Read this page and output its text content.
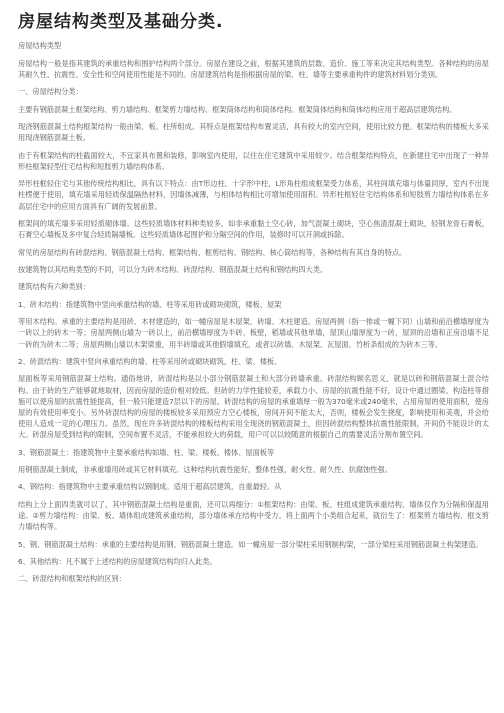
房屋结构类型及基础分类.

房屋结构类型

房屋结构一般是指其建筑的承重结构和围护结构两个部分。房屋在建设之前，根据其建筑的层数、造价、施工等来决定其结构类型。各种结构的房屋其耐久性、抗震性、安全性和空间使用性能是不同的。房屋建筑结构是指根据房屋的梁、柱、墙等主要承重构件的建筑材料划分类别。

一、房屋结构分类：

主要有钢筋混凝土框架结构、剪力墙结构、框架剪力墙结构、框架筒体结构和筒体结构。框架筒体结构和筒体结构应用于超高层建筑结构。

现浇钢筋混凝土结构框架结构一般由梁、板、柱所组成。其特点是框架结构布置灵活，具有较大的室内空间，使用比较方便。框架结构的楼板大多采用现浇钢筋混凝土板。

由于有框架结构的柱截面较大，不宜家具布置和装修，影响室内使用，以往在住宅建筑中采用较少。结合框架结构特点，在新建住宅中出现了一种异形柱框架轻型住宅结构和短肢剪力墙结构体系。

异形柱框轻住宅与其他传统结构相比，具有以下特点：由T形边柱、十字形中柱、L形角柱组成框架受力体系，其柱间填充墙与体量同厚，室内不出现柱楞便于使用，填充墙采用轻质保温隔热材料，因墙体减薄，与相体结构相比可增加使用面积。异形柱框轻住宅结构体系和短肢剪力墙结构体系在多高层住宅中的应用方面具有广阔的发展前景。

框架间的填充墙多采用轻质砌体墙。这些轻质墙体材料种类较多，如非承重黏土空心砖，加气混凝土砌块，空心焦渣混凝土砌块，轻钢龙骨石膏板，石膏空心墙板及多中复合轻质隔墙板。这些轻质墙体起围护和分隔空间的作用，装修时可以开洞或拆除。

常见的房屋结构有砖混结构、钢筋混凝土结构、框架结构、框剪结构、钢结构、核心筒结构等，各种结构有其自身的特点。

按建筑物以其结构类型的不同，可以分为砖木结构、砖混结构、钢筋混凝土结构和钢结构四大类。

建筑结构有六种类别：

1、砖木结构：指建筑物中竖向承重结构的墙、柱等采用砖或砌块砌筑，楼板、屋架

等用木结构。承重的主要结构是用砖、木材建造的，如一幢房屋是木屋架、砖墙、木柱建造。房屋两侧（指一排或一幢下同）山墙和前沿横墙厚度为一砖以上的砖木一等；房屋两侧山墙为一砖以上，前沿横墙厚度为半砖、板壁，稻墙或其他单墙，屋顶山墙厚度为一砖，屋顶的沿墙和正房沿墙不足一砖的为砖木二等；房屋两侧山墙以木架梁重，用半砖墙或其他假墙填充，或者以砖墙、木屋架、瓦屋面、竹析条组成的为砖木三等。

2、砖混结构：建筑中竖向承重结构的墙、柱等采用砖或砌块砌筑，柱、梁、楼板、

屋面板等采用钢筋混凝土结构。通俗地讲，砖混结构是以小部分钢筋混凝土和大部分砖墙承重。砖混结构顾名思义，就是以砖和钢筋混凝土混合结构。由于砖的生产能够就地取材，因而房屋的造价相对较低。但砖的力学性能较差，承载力小、房屋的抗震性能不好，设计中通过圈梁、构造柱等措施可以使房屋的抗震性能提高，但一般只能建造7层以下的房屋。砖混结构的房屋的承重墙厚一般为370毫米或240毫米，占用房屋的使用面积，使房屋的有效使用率变小。另外砖混结构的房屋的楼板较多采用预应力空心楼板，房间开间不能太大，否则，楼板会发生挠度，影响使用和美观，并会给使用人造成一定的心理压力。虽然，现在许多砖混结构的楼板结构采用全现浇的钢筋混凝土，但因砖混结构整体抗震性能限制，开间仍不能设计的太大。砖混房屋受到结构的限制，空间布置不灵活，不能承担较大的荷载，用户可以以较随意的根据自己的需要灵活分割布置空间。

3、钢筋混凝土：指建筑物中主要承重结构如墙、柱、梁、楼板、楼体、屋面板等

用钢筋混凝土制成，非承重墙用砖或其它材料填充。这种结构抗震性能好，整体性强，耐火性、耐久性、抗腐蚀性强。

4、钢结构：指建筑物中主要承重结构以钢制成。适用于超高层建筑，自重最轻。从

结构上分上面四类就可以了，其中钢筋混凝土结构是重面，还可以再细分：①框架结构：由梁、板、柱组成建筑承重结构，墙体仅作为分隔和保温用途。②剪力墙结构：由梁、板、墙体组成建筑承重结构，部分墙体承在结构中受力。将上面两个小类组合起来，就衍生了：框架剪力墙结构、框支剪力墙结构等。

5、钢、钢筋混凝土结构：承重的主要结构是用钢、钢筋混凝土建造。如一幢房屋一部分梁柱采用钢制构架，一部分梁柱采用钢筋混凝土构架建造。

6、其他结构：凡不属于上述结构的房屋建筑结构均归入此类。

二、砖混结构和框架结构的区别：
